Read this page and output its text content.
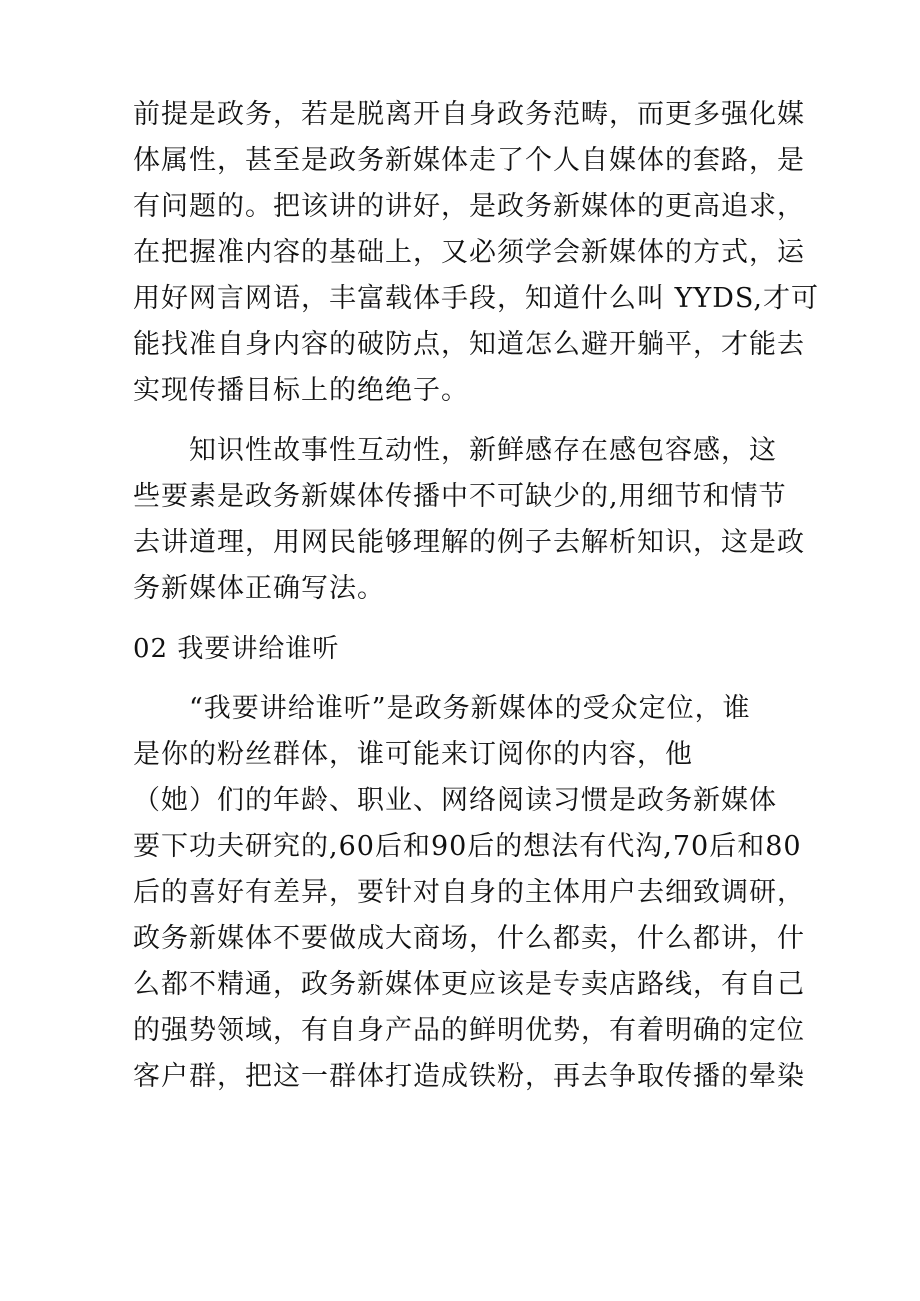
前提是政务，若是脱离开自身政务范畴，而更多强化媒
体属性，甚至是政务新媒体走了个人自媒体的套路，是
有问题的。把该讲的讲好，是政务新媒体的更高追求，
在把握准内容的基础上，又必须学会新媒体的方式，运
用好网言网语，丰富载体手段，知道什么叫 YYDS,才可
能找准自身内容的破防点，知道怎么避开躺平，才能去
实现传播目标上的绝绝子。
知识性故事性互动性，新鲜感存在感包容感，这
些要素是政务新媒体传播中不可缺少的,用细节和情节
去讲道理，用网民能够理解的例子去解析知识，这是政
务新媒体正确写法。
02 我要讲给谁听
“我要讲给谁听”是政务新媒体的受众定位，谁
是你的粉丝群体，谁可能来订阅你的内容，他
（她）们的年龄、职业、网络阅读习惯是政务新媒体
要下功夫研究的,60后和90后的想法有代沟,70后和80
后的喜好有差异，要针对自身的主体用户去细致调研，
政务新媒体不要做成大商场，什么都卖，什么都讲，什
么都不精通，政务新媒体更应该是专卖店路线，有自己
的强势领域，有自身产品的鲜明优势，有着明确的定位
客户群，把这一群体打造成铁粉，再去争取传播的晕染
